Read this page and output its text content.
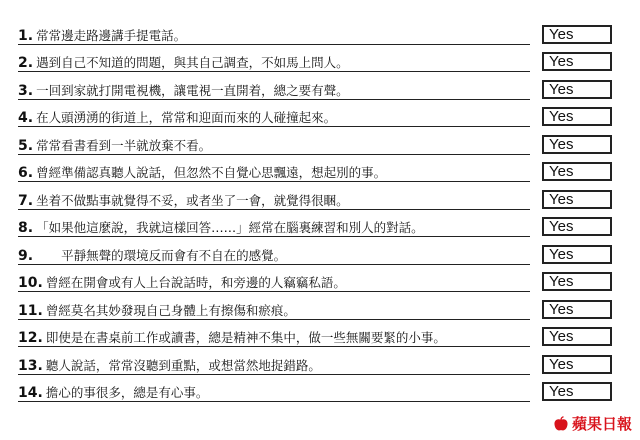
1. 常常邊走路邊講手提電話。	Yes
2. 遇到自己不知道的問題，與其自己調查，不如馬上問人。	Yes
3. 一回到家就打開電視機，讓電視一直開着，總之要有聲。	Yes
4. 在人頭湧湧的街道上，常常和迎面而來的人碰撞起來。	Yes
5. 常常看書看到一半就放棄不看。	Yes
6. 曾經準備認真聽人說話，但忽然不自覺心思飄遠，想起別的事。	Yes
7. 坐着不做點事就覺得不妥，或者坐了一會，就覺得很睏。	Yes
8. 「如果他這麼說，我就這樣回答……」經常在腦裏練習和別人的對話。	Yes
9. 平靜無聲的環境反而會有不自在的感覺。	Yes
10. 曾經在開會或有人上台說話時，和旁邊的人竊竊私語。	Yes
11. 曾經莫名其妙發現自己身體上有擦傷和瘀痕。	Yes
12. 即使是在書桌前工作或讀書，總是精神不集中，做一些無關要緊的小事。	Yes
13. 聽人說話，常常沒聽到重點，或想當然地捉錯路。	Yes
14. 擔心的事很多，總是有心事。	Yes
蘋果日報
